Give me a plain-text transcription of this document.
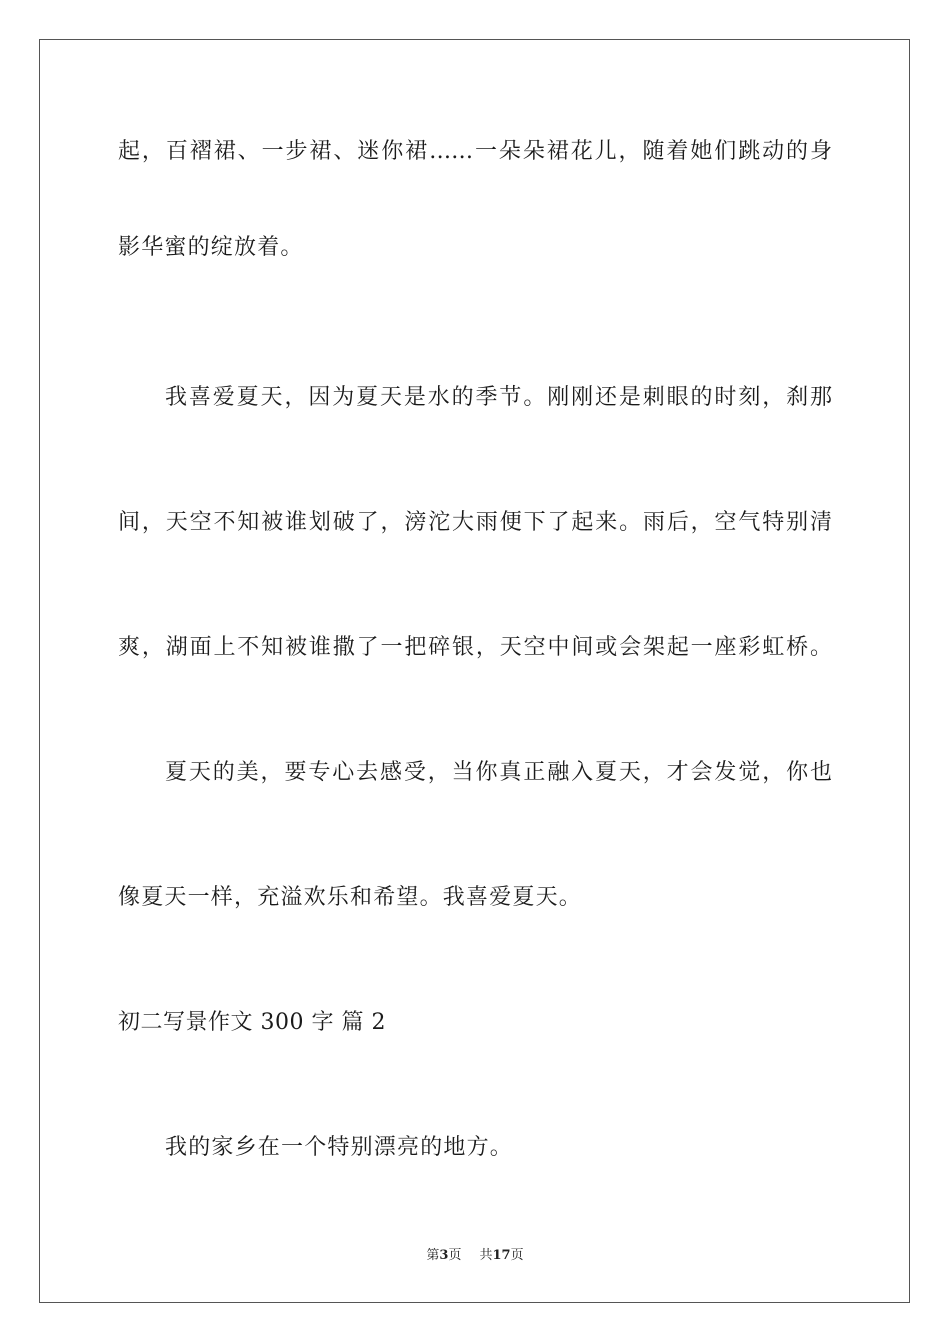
起，百褶裙、一步裙、迷你裙……一朵朵裙花儿，随着她们跳动的身
影华蜜的绽放着。
我喜爱夏天，因为夏天是水的季节。刚刚还是刺眼的时刻，刹那
间，天空不知被谁划破了，滂沱大雨便下了起来。雨后，空气特别清
爽，湖面上不知被谁撒了一把碎银，天空中间或会架起一座彩虹桥。
夏天的美，要专心去感受，当你真正融入夏天，才会发觉，你也
像夏天一样，充溢欢乐和希望。我喜爱夏天。
初二写景作文 300 字 篇 2
我的家乡在一个特别漂亮的地方。
第3页 共17页
